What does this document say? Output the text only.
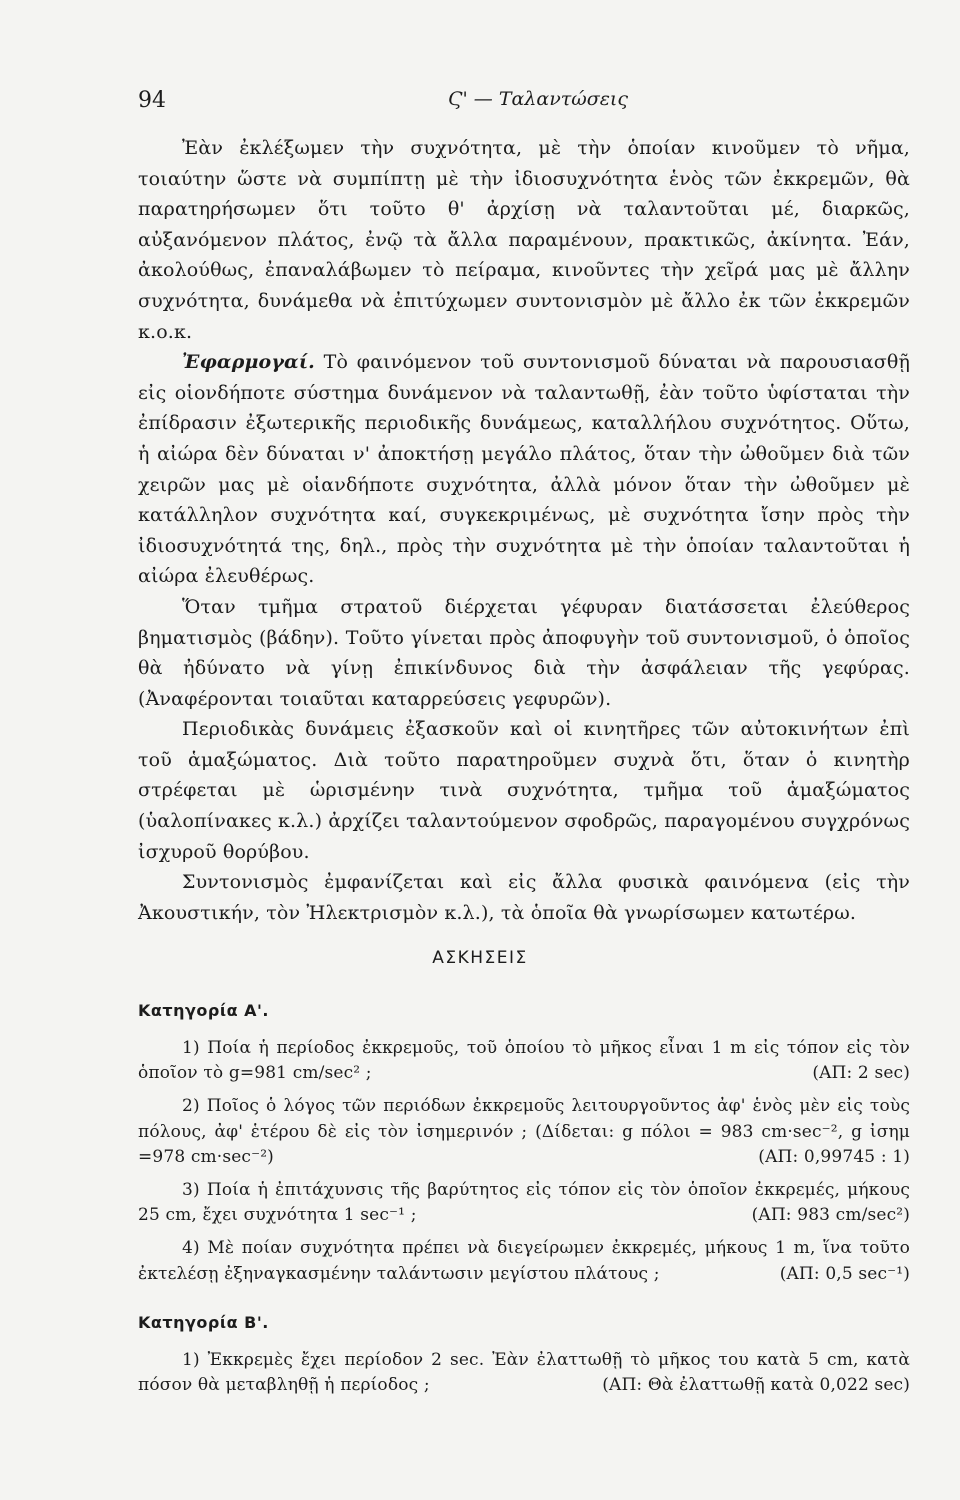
94	Ϛ' — Ταλαντώσεις

Ἐὰν ἐκλέξωμεν τὴν συχνότητα, μὲ τὴν ὁποίαν κινοῦμεν τὸ νῆμα, τοιαύτην ὥστε νὰ συμπίπτῃ μὲ τὴν ἰδιοσυχνότητα ἑνὸς τῶν ἐκκρεμῶν, θὰ παρατηρήσωμεν ὅτι τοῦτο θ' ἀρχίσῃ νὰ ταλαντοῦται μέ, διαρκῶς, αὐξανόμενον πλάτος, ἐνῷ τὰ ἄλλα παραμένουν, πρακτικῶς, ἀκίνητα. Ἐάν, ἀκολούθως, ἐπαναλάβωμεν τὸ πείραμα, κινοῦντες τὴν χεῖρά μας μὲ ἄλλην συχνότητα, δυνάμεθα νὰ ἐπιτύχωμεν συντονισμὸν μὲ ἄλλο ἐκ τῶν ἐκκρεμῶν κ.ο.κ.

Ἐφαρμογαί. Τὸ φαινόμενον τοῦ συντονισμοῦ δύναται νὰ παρουσιασθῇ εἰς οἱονδήποτε σύστημα δυνάμενον νὰ ταλαντωθῇ, ἐὰν τοῦτο ὑφίσταται τὴν ἐπίδρασιν ἐξωτερικῆς περιοδικῆς δυνάμεως, καταλλήλου συχνότητος. Οὕτω, ἡ αἰώρα δὲν δύναται ν' ἀποκτήσῃ μεγάλο πλάτος, ὅταν τὴν ὠθοῦμεν διὰ τῶν χειρῶν μας μὲ οἱανδήποτε συχνότητα, ἀλλὰ μόνον ὅταν τὴν ὠθοῦμεν μὲ κατάλληλον συχνότητα καί, συγκεκριμένως, μὲ συχνότητα ἴσην πρὸς τὴν ἰδιοσυχνότητά της, δηλ., πρὸς τὴν συχνότητα μὲ τὴν ὁποίαν ταλαντοῦται ἡ αἰώρα ἐλευθέρως.

Ὅταν τμῆμα στρατοῦ διέρχεται γέφυραν διατάσσεται ἐλεύθερος βηματισμὸς (βάδην). Τοῦτο γίνεται πρὸς ἀποφυγὴν τοῦ συντονισμοῦ, ὁ ὁποῖος θὰ ἠδύνατο νὰ γίνῃ ἐπικίνδυνος διὰ τὴν ἀσφάλειαν τῆς γεφύρας. (Ἀναφέρονται τοιαῦται καταρρεύσεις γεφυρῶν).

Περιοδικὰς δυνάμεις ἐξασκοῦν καὶ οἱ κινητῆρες τῶν αὐτοκινήτων ἐπὶ τοῦ ἁμαξώματος. Διὰ τοῦτο παρατηροῦμεν συχνὰ ὅτι, ὅταν ὁ κινητὴρ στρέφεται μὲ ὡρισμένην τινὰ συχνότητα, τμῆμα τοῦ ἁμαξώματος (ὑαλοπίνακες κ.λ.) ἀρχίζει ταλαντούμενον σφοδρῶς, παραγομένου συγχρόνως ἰσχυροῦ θορύβου.

Συντονισμὸς ἐμφανίζεται καὶ εἰς ἄλλα φυσικὰ φαινόμενα (εἰς τὴν Ἀκουστικήν, τὸν Ἠλεκτρισμὸν κ.λ.), τὰ ὁποῖα θὰ γνωρίσωμεν κατωτέρω.

ΑΣΚΗΣΕΙΣ
Κατηγορία Α'.

1) Ποία ἡ περίοδος ἐκκρεμοῦς, τοῦ ὁποίου τὸ μῆκος εἶναι 1 m εἰς τόπον εἰς τὸν ὁποῖον τὸ g=981 cm/sec² ;	(ΑΠ: 2 sec)

2) Ποῖος ὁ λόγος τῶν περιόδων ἐκκρεμοῦς λειτουργοῦντος ἀφ' ἑνὸς μὲν εἰς τοὺς πόλους, ἀφ' ἑτέρου δὲ εἰς τὸν ἰσημερινόν ; (Δίδεται: g πόλοι = 983 cm·sec⁻², g ἰσημ =978 cm·sec⁻²)	(ΑΠ: 0,99745 : 1)

3) Ποία ἡ ἐπιτάχυνσις τῆς βαρύτητος εἰς τόπον εἰς τὸν ὁποῖον ἐκκρεμές, μήκους 25 cm, ἔχει συχνότητα 1 sec⁻¹ ;	(ΑΠ: 983 cm/sec²)

4) Μὲ ποίαν συχνότητα πρέπει νὰ διεγείρωμεν ἐκκρεμές, μήκους 1 m, ἵνα τοῦτο ἐκτελέσῃ ἐξηναγκασμένην ταλάντωσιν μεγίστου πλάτους ;	(ΑΠ: 0,5 sec⁻¹)

Κατηγορία Β'.

1) Ἐκκρεμὲς ἔχει περίοδον 2 sec. Ἐὰν ἐλαττωθῇ τὸ μῆκος του κατὰ 5 cm, κατὰ πόσον θὰ μεταβληθῇ ἡ περίοδος ;	(ΑΠ: Θὰ ἐλαττωθῇ κατὰ 0,022 sec)
